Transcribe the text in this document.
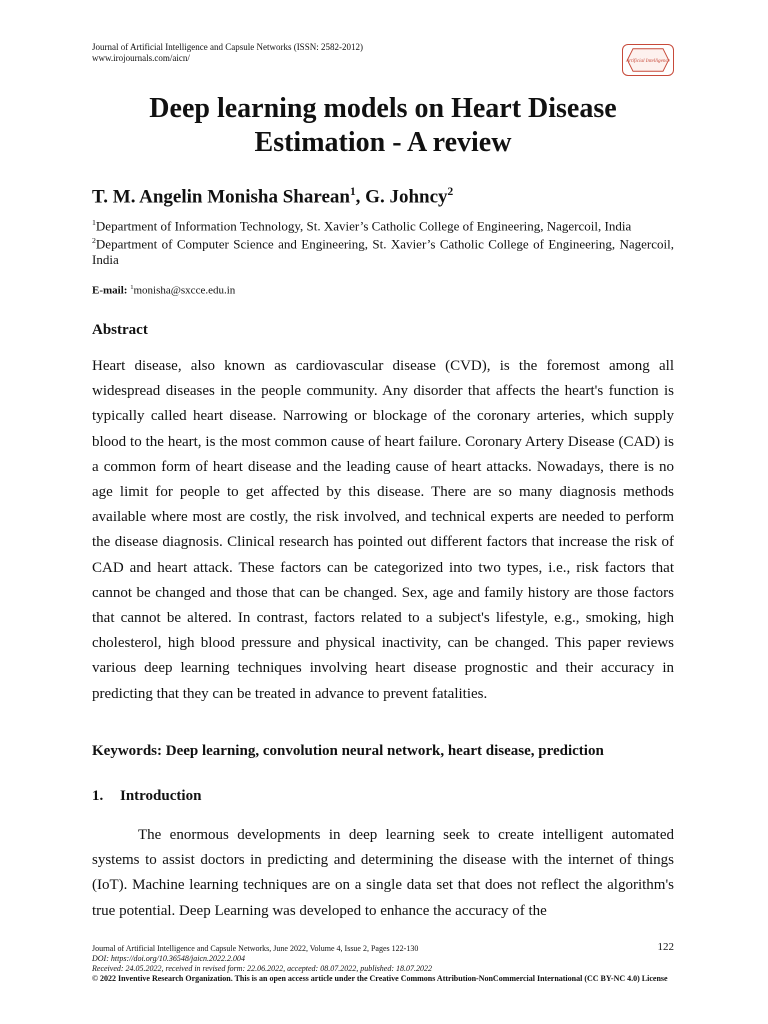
Journal of Artificial Intelligence and Capsule Networks (ISSN: 2582-2012)
www.irojournals.com/aicn/	Artificial Intelligence
Deep learning models on Heart Disease
Estimation - A review
T. M. Angelin Monisha Sharean$^1$, G. Johncy$^2$

$^1$Department of Information Technology, St. Xavier’s Catholic College of Engineering, Nagercoil, India

$^2$Department of Computer Science and Engineering, St. Xavier’s Catholic College of Engineering, Nagercoil, India

E-mail: $^1$monisha@sxcce.edu.in
Abstract

Heart disease, also known as cardiovascular disease (CVD), is the foremost among all widespread diseases in the people community. Any disorder that affects the heart's function is typically called heart disease. Narrowing or blockage of the coronary arteries, which supply blood to the heart, is the most common cause of heart failure. Coronary Artery Disease (CAD) is a common form of heart disease and the leading cause of heart attacks. Nowadays, there is no age limit for people to get affected by this disease. There are so many diagnosis methods available where most are costly, the risk involved, and technical experts are needed to perform the disease diagnosis. Clinical research has pointed out different factors that increase the risk of CAD and heart attack. These factors can be categorized into two types, i.e., risk factors that cannot be changed and those that can be changed. Sex, age and family history are those factors that cannot be altered. In contrast, factors related to a subject's lifestyle, e.g., smoking, high cholesterol, high blood pressure and physical inactivity, can be changed. This paper reviews various deep learning techniques involving heart disease prognostic and their accuracy in predicting that they can be treated in advance to prevent fatalities.

Keywords: Deep learning, convolution neural network, heart disease, prediction
1. Introduction

The enormous developments in deep learning seek to create intelligent automated systems to assist doctors in predicting and determining the disease with the internet of things (IoT). Machine learning techniques are on a single data set that does not reflect the algorithm's true potential. Deep Learning was developed to enhance the accuracy of the

Journal of Artificial Intelligence and Capsule Networks, June 2022, Volume 4, Issue 2, Pages 122-130	122
DOI: https://doi.org/10.36548/jaicn.2022.2.004
Received: 24.05.2022, received in revised form: 22.06.2022, accepted: 08.07.2022, published: 18.07.2022
© 2022 Inventive Research Organization. This is an open access article under the Creative Commons Attribution-NonCommercial International (CC BY-NC 4.0) License
